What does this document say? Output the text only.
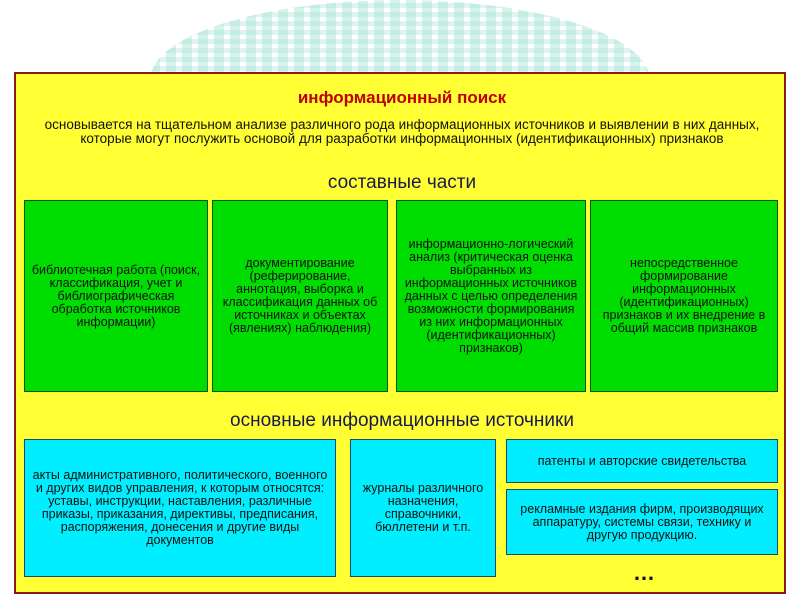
информационный поиск
основывается на тщательном анализе различного рода информационных источников и выявлении в них данных, которые могут послужить основой для разработки информационных (идентификационных) признаков
составные части
библиотечная работа (поиск, классификация, учет и библиографическая обработка источников информации)
документирование (реферирование, аннотация, выборка и классификация данных об источниках и объектах (явлениях) наблюдения)
информационно-логический анализ (критическая оценка выбранных из информационных источников данных с целью определения возможности формирования из них информационных (идентификационных) признаков)
непосредственное формирование информационных (идентификационных) признаков и их внедрение в общий массив признаков
основные информационные источники
акты административного, политического, военного и других видов управления, к которым относятся: уставы, инструкции, наставления, различные приказы, приказания, директивы, предписания, распоряжения, донесения и другие виды документов
журналы различного назначения, справочники, бюллетени и т.п.
патенты и авторские свидетельства
рекламные издания фирм, производящих аппаратуру, системы связи, технику и другую продукцию.
…
